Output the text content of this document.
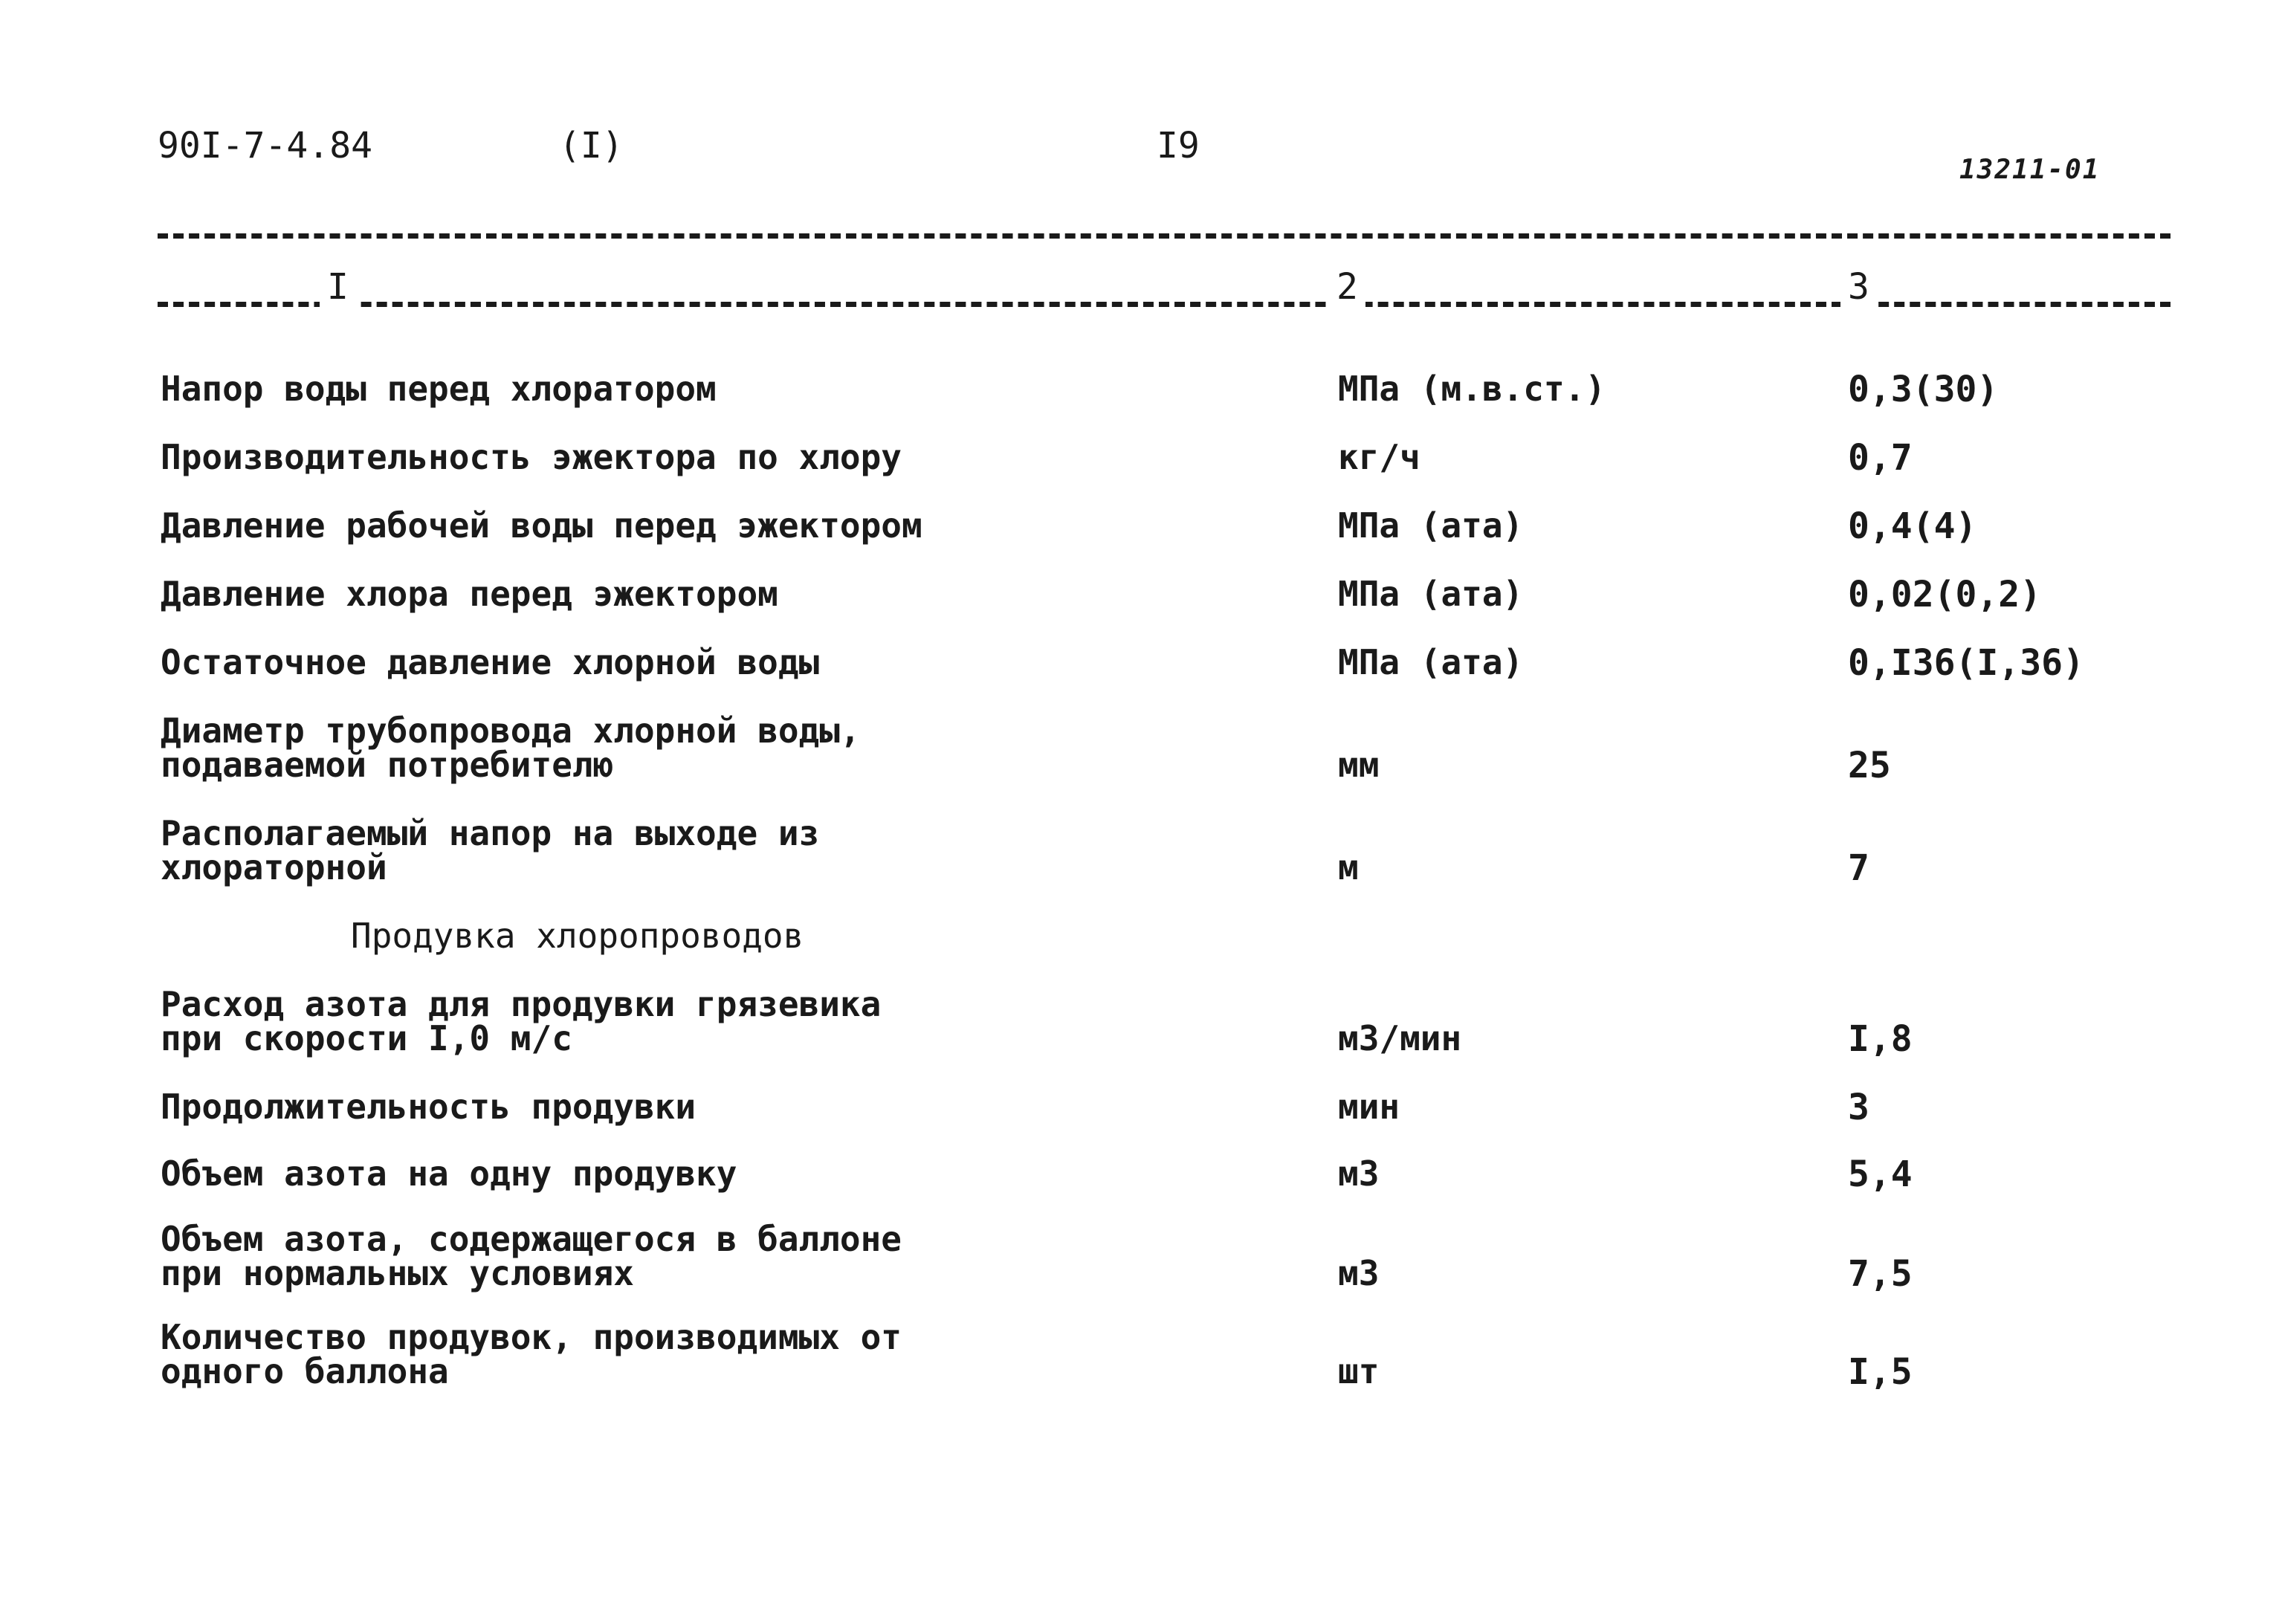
90I-7-4.84	(I)	I9
13211-01
I	2	3
Напор воды перед хлоратором	МПа (м.в.ст.)	0,3(30)
Производительность эжектора по хлору	кг/ч	0,7
Давление рабочей воды перед эжектором	МПа (ата)	0,4(4)
Давление хлора перед эжектором	МПа (ата)	0,02(0,2)
Остаточное давление хлорной воды	МПа (ата)	0,I36(I,36)
Диаметр трубопровода хлорной воды,
подаваемой потребителю	мм	25
Располагаемый напор на выходе из
хлораторной	м	7
Продувка хлоропроводов
Расход азота для продувки грязевика
при скорости I,0 м/с	м3/мин	I,8
Продолжительность продувки	мин	3
Объем азота на одну продувку	м3	5,4
Объем азота, содержащегося в баллоне
при нормальных условиях	м3	7,5
Количество продувок, производимых от
одного баллона	шт	I,5
